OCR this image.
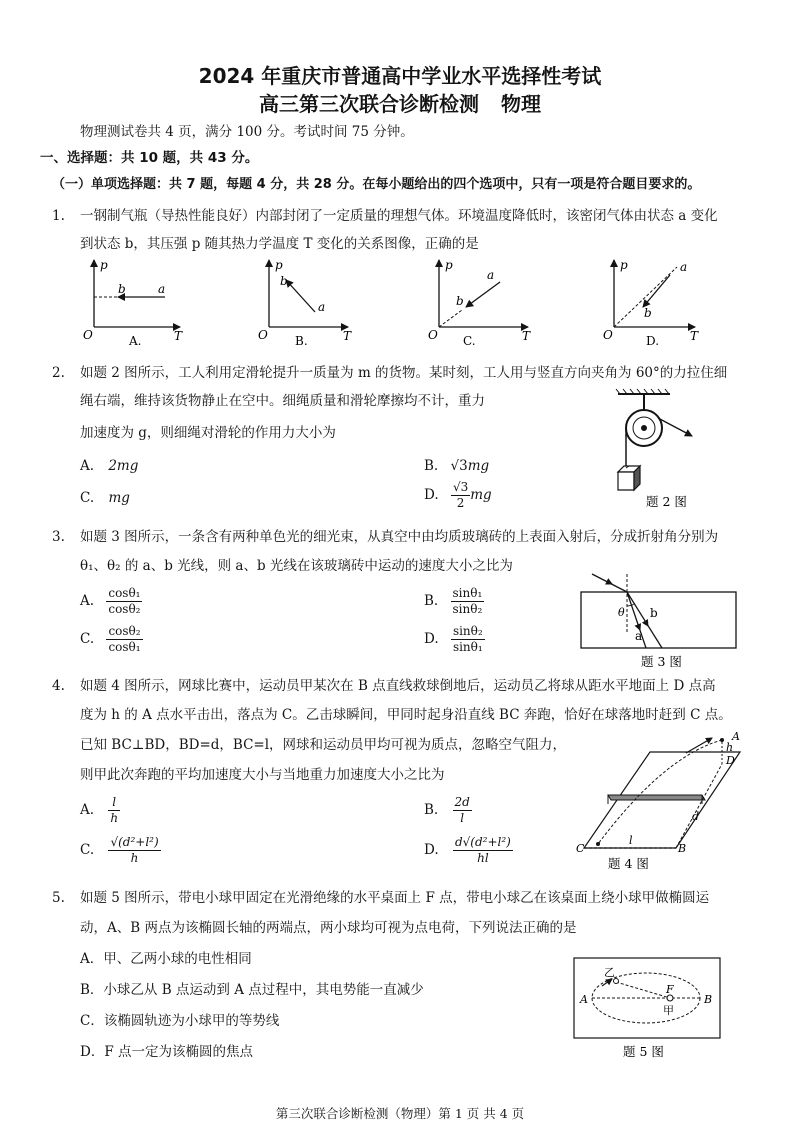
2024 年重庆市普通高中学业水平选择性考试
高三第三次联合诊断检测 物理
物理测试卷共 4 页，满分 100 分。考试时间 75 分钟。
一、选择题：共 10 题，共 43 分。
（一）单项选择题：共 7 题，每题 4 分，共 28 分。在每小题给出的四个选项中，只有一项是符合题目要求的。
1. 一钢制气瓶（导热性能良好）内部封闭了一定质量的理想气体。环境温度降低时，该密闭气体由状态 a 变化
到状态 b，其压强 p 随其热力学温度 T 变化的关系图像，正确的是
p
T
O
a
b
A.
p
T
O
a
b
B.
p
T
O
a
b
C.
p
T
O
a
b
D.
2. 如题 2 图所示，工人利用定滑轮提升一质量为 m 的货物。某时刻，工人用与竖直方向夹角为 60°的力拉住细
绳右端，维持该货物静止在空中。细绳质量和滑轮摩擦均不计，重力
加速度为 g，则细绳对滑轮的作用力大小为
A. 2mg	B. √3mg
C. mg	D. $\frac{√3}{2}$ mg	题 2 图
3. 如题 3 图所示，一条含有两种单色光的细光束，从真空中由均质玻璃砖的上表面入射后，分成折射角分别为
θ₁、θ₂ 的 a、b 光线，则 a、b 光线在该玻璃砖中运动的速度大小之比为
A. $\frac{\text{cosθ₁}}{\text{cosθ₂}}$	B. $\frac{\text{sinθ₁}}{\text{sinθ₂}}$
C. $\frac{\text{cosθ₂}}{\text{cosθ₁}}$	D. $\frac{\text{sinθ₂}}{\text{sinθ₁}}$
θ b
a
题 3 图
4. 如题 4 图所示，网球比赛中，运动员甲某次在 B 点直线救球倒地后，运动员乙将球从距水平地面上 D 点高
度为 h 的 A 点水平击出，落点为 C。乙击球瞬间，甲同时起身沿直线 BC 奔跑，恰好在球落地时赶到 C 点。
已知 BC⊥BD，BD=d，BC=l，网球和运动员甲均可视为质点，忽略空气阻力，
则甲此次奔跑的平均加速度大小与当地重力加速度大小之比为
A. $\frac{l}{h}$	B. $\frac{2d}{l}$
C. $\frac{\text{√(d²+l²)}}{h}$	D. $\frac{\text{d√(d²+l²)}}{hl}$
A
h
D
d
C
l
B
题 4 图
5. 如题 5 图所示，带电小球甲固定在光滑绝缘的水平桌面上 F 点，带电小球乙在该桌面上绕小球甲做椭圆运
动，A、B 两点为该椭圆长轴的两端点，两小球均可视为点电荷，下列说法正确的是
A．甲、乙两小球的电性相同
B．小球乙从 B 点运动到 A 点过程中，其电势能一直减少
C．该椭圆轨迹为小球甲的等势线
D．F 点一定为该椭圆的焦点
乙
A
F
B
甲
题 5 图
第三次联合诊断检测（物理）第 1 页 共 4 页
